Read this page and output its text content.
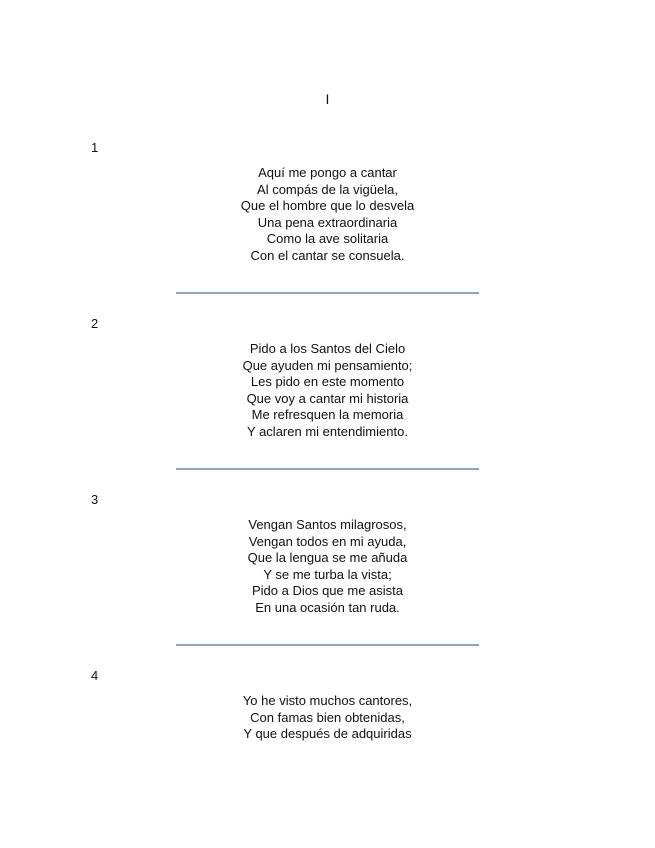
I
1
Aquí me pongo a cantar
Al compás de la vigüela,
Que el hombre que lo desvela
Una pena extraordinaria
Como la ave solitaria
Con el cantar se consuela.
2
Pido a los Santos del Cielo
Que ayuden mi pensamiento;
Les pido en este momento
Que voy a cantar mi historia
Me refresquen la memoria
Y aclaren mi entendimiento.
3
Vengan Santos milagrosos,
Vengan todos en mi ayuda,
Que la lengua se me añuda
Y se me turba la vista;
Pido a Dios que me asista
En una ocasión tan ruda.
4
Yo he visto muchos cantores,
Con famas bien obtenidas,
Y que después de adquiridas
